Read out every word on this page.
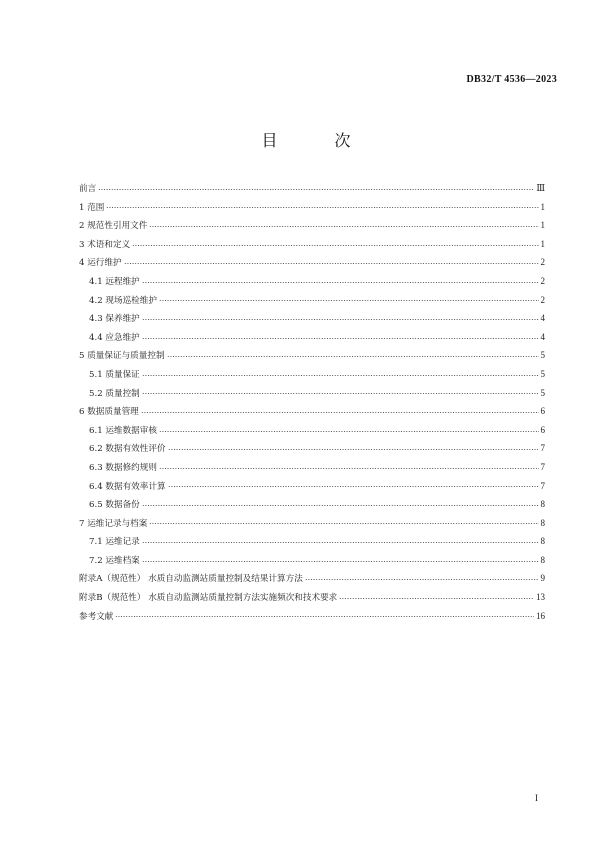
DB32/T 4536—2023
目 次
前言	Ⅲ
1 范围	1
2 规范性引用文件	1
3 术语和定义	1
4 运行维护	2
4.1 远程维护	2
4.2 现场巡检维护	2
4.3 保养维护	4
4.4 应急维护	4
5 质量保证与质量控制	5
5.1 质量保证	5
5.2 质量控制	5
6 数据质量管理	6
6.1 运维数据审核	6
6.2 数据有效性评价	7
6.3 数据修约规则	7
6.4 数据有效率计算	7
6.5 数据备份	8
7 运维记录与档案	8
7.1 运维记录	8
7.2 运维档案	8
附录A（规范性） 水质自动监测站质量控制及结果计算方法	9
附录B（规范性） 水质自动监测站质量控制方法实施频次和技术要求	13
参考文献	16
I
